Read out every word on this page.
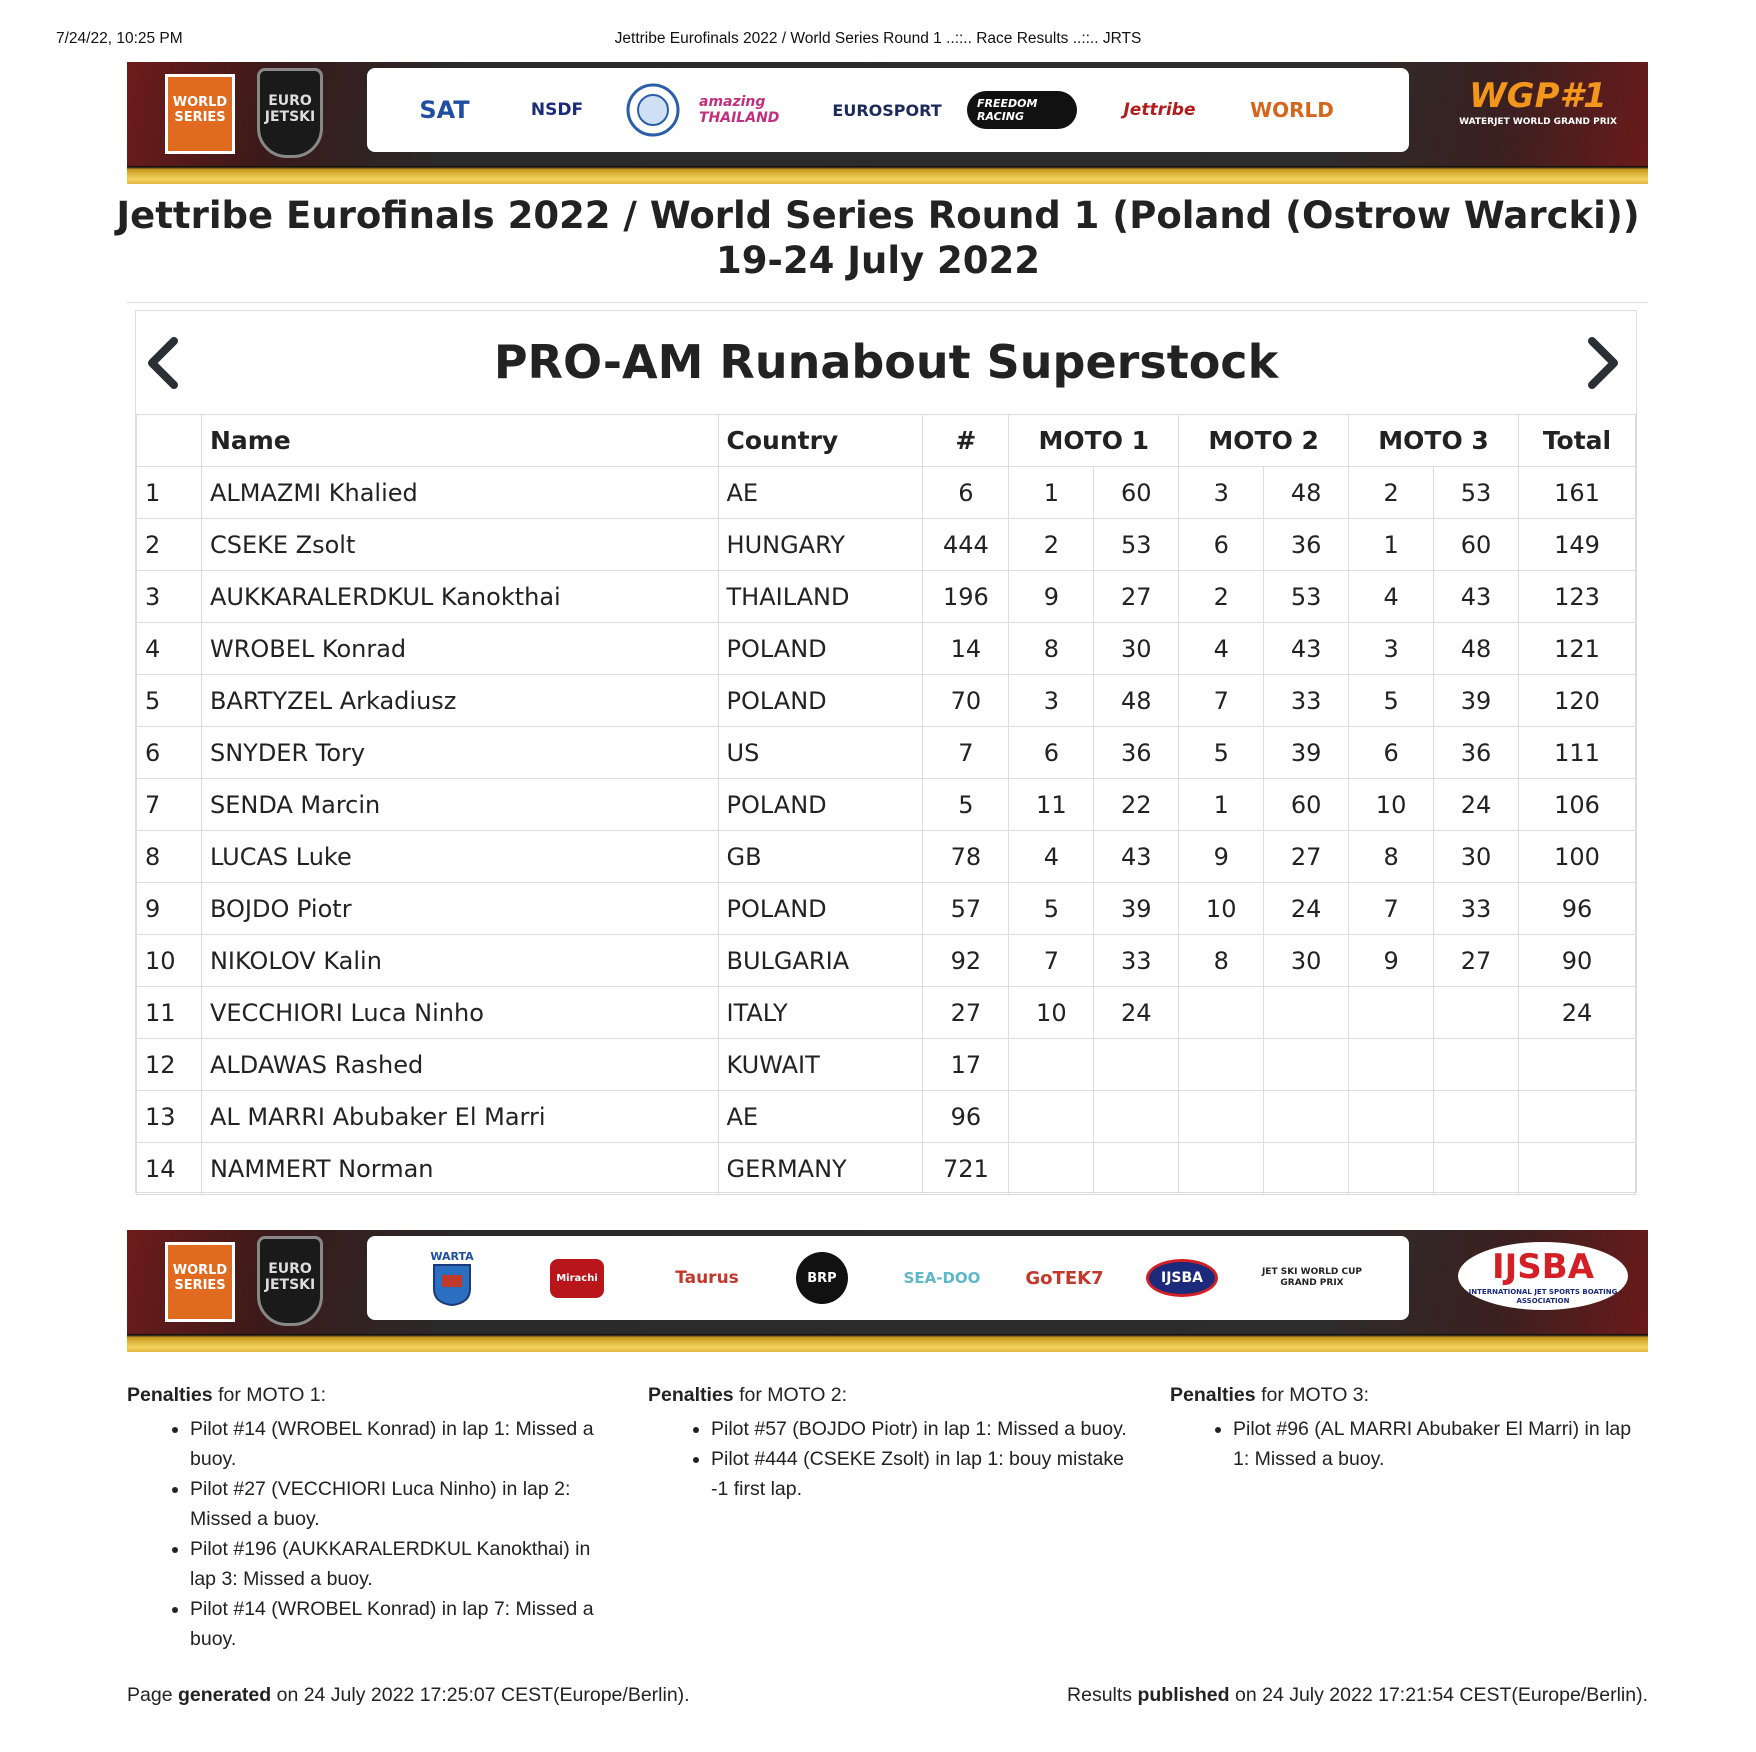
7/24/22, 10:25 PM	Jettribe Eurofinals 2022 / World Series Round 1 ..::.. Race Results ..::.. JRTS
WORLD SERIES
EURO JETSKI	SAT	NSDF	amazing THAILAND	EUROSPORT	FREEDOM RACING	Jettribe	WORLD	WGP#1
WATERJET WORLD GRAND PRIX
Jettribe Eurofinals 2022 / World Series Round 1 (Poland (Ostrow Warcki))
19-24 July 2022
PRO-AM Runabout Superstock
	Name	Country	#	MOTO 1		MOTO 2		MOTO 3		Total
1	ALMAZMI Khalied	AE	6	1	60	3	48	2	53	161
2	CSEKE Zsolt	HUNGARY	444	2	53	6	36	1	60	149
3	AUKKARALERDKUL Kanokthai	THAILAND	196	9	27	2	53	4	43	123
4	WROBEL Konrad	POLAND	14	8	30	4	43	3	48	121
5	BARTYZEL Arkadiusz	POLAND	70	3	48	7	33	5	39	120
6	SNYDER Tory	US	7	6	36	5	39	6	36	111
7	SENDA Marcin	POLAND	5	11	22	1	60	10	24	106
8	LUCAS Luke	GB	78	4	43	9	27	8	30	100
9	BOJDO Piotr	POLAND	57	5	39	10	24	7	33	96
10	NIKOLOV Kalin	BULGARIA	92	7	33	8	30	9	27	90
11	VECCHIORI Luca Ninho	ITALY	27	10	24					24
12	ALDAWAS Rashed	KUWAIT	17							
13	AL MARRI Abubaker El Marri	AE	96							
14	NAMMERT Norman	GERMANY	721							
WORLD SERIES
EURO JETSKI
WARTA
Mirachi	Taurus	BRP	SEA-DOO	GoTEK7	IJSBA	JET SKI WORLD CUP GRAND PRIX	IJSBA
INTERNATIONAL JET SPORTS BOATING ASSOCIATION
Penalties for MOTO 1:
• Pilot #14 (WROBEL Konrad) in lap 1: Missed a buoy.
• Pilot #27 (VECCHIORI Luca Ninho) in lap 2: Missed a buoy.
• Pilot #196 (AUKKARALERDKUL Kanokthai) in lap 3: Missed a buoy.
• Pilot #14 (WROBEL Konrad) in lap 7: Missed a buoy.
Penalties for MOTO 2:
• Pilot #57 (BOJDO Piotr) in lap 1: Missed a buoy.
• Pilot #444 (CSEKE Zsolt) in lap 1: bouy mistake -1 first lap.
Penalties for MOTO 3:
• Pilot #96 (AL MARRI Abubaker El Marri) in lap 1: Missed a buoy.
Page generated on 24 July 2022 17:25:07 CEST(Europe/Berlin).	Results published on 24 July 2022 17:21:54 CEST(Europe/Berlin).
